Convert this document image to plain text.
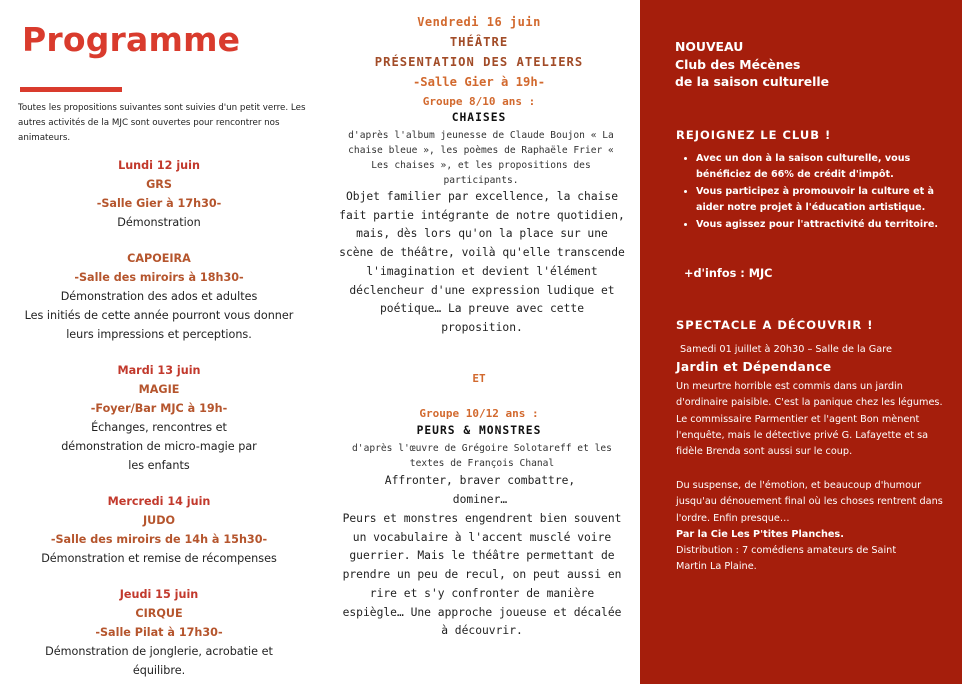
Programme
Toutes les propositions suivantes sont suivies d'un petit verre. Les autres activités de la MJC sont ouvertes pour rencontrer nos animateurs.
Lundi 12 juin
GRS
-Salle Gier à 17h30-
Démonstration
CAPOEIRA
-Salle des miroirs à 18h30-
Démonstration des ados et adultes
Les initiés de cette année pourront vous donner leurs impressions et perceptions.
Mardi 13 juin
MAGIE
-Foyer/Bar MJC à 19h-
Échanges, rencontres et démonstration de micro-magie par les enfants
Mercredi 14 juin
JUDO
-Salle des miroirs de 14h à 15h30-
Démonstration et remise de récompenses
Jeudi 15 juin
CIRQUE
-Salle Pilat à 17h30-
Démonstration de jonglerie, acrobatie et équilibre.
Vendredi 16 juin
THÉÂTRE
PRÉSENTATION DES ATELIERS
-Salle Gier à 19h-
Groupe 8/10 ans :
CHAISES
d'après l'album jeunesse de Claude Boujon « La chaise bleue », les poèmes de Raphaële Frier « Les chaises », et les propositions des participants.
Objet familier par excellence, la chaise fait partie intégrante de notre quotidien, mais, dès lors qu'on la place sur une scène de théâtre, voilà qu'elle transcende l'imagination et devient l'élément déclencheur d'une expression ludique et poétique… La preuve avec cette proposition.
ET
Groupe 10/12 ans :
PEURS & MONSTRES
d'après l'œuvre de Grégoire Solotareff et les textes de François Chanal
Affronter, braver combattre, dominer…
Peurs et monstres engendrent bien souvent un vocabulaire à l'accent musclé voire guerrier. Mais le théâtre permettant de prendre un peu de recul, on peut aussi en rire et s'y confronter de manière espiègle… Une approche joueuse et décalée à découvrir.
NOUVEAU
Club des Mécènes
de la saison culturelle
REJOIGNEZ LE CLUB !
• Avec un don à la saison culturelle, vous bénéficiez de 66% de crédit d'impôt.
• Vous participez à promouvoir la culture et à aider notre projet à l'éducation artistique.
• Vous agissez pour l'attractivité du territoire.
+d'infos : MJC
SPECTACLE A DÉCOUVRIR !
Samedi 01 juillet à 20h30 – Salle de la Gare
Jardin et Dépendance
Un meurtre horrible est commis dans un jardin d'ordinaire paisible. C'est la panique chez les légumes. Le commissaire Parmentier et l'agent Bon mènent l'enquête, mais le détective privé G. Lafayette et sa fidèle Brenda sont aussi sur le coup.
Du suspense, de l'émotion, et beaucoup d'humour jusqu'au dénouement final où les choses rentrent dans l'ordre. Enfin presque…
Par la Cie Les P'tites Planches.
Distribution : 7 comédiens amateurs de Saint Martin La Plaine.
